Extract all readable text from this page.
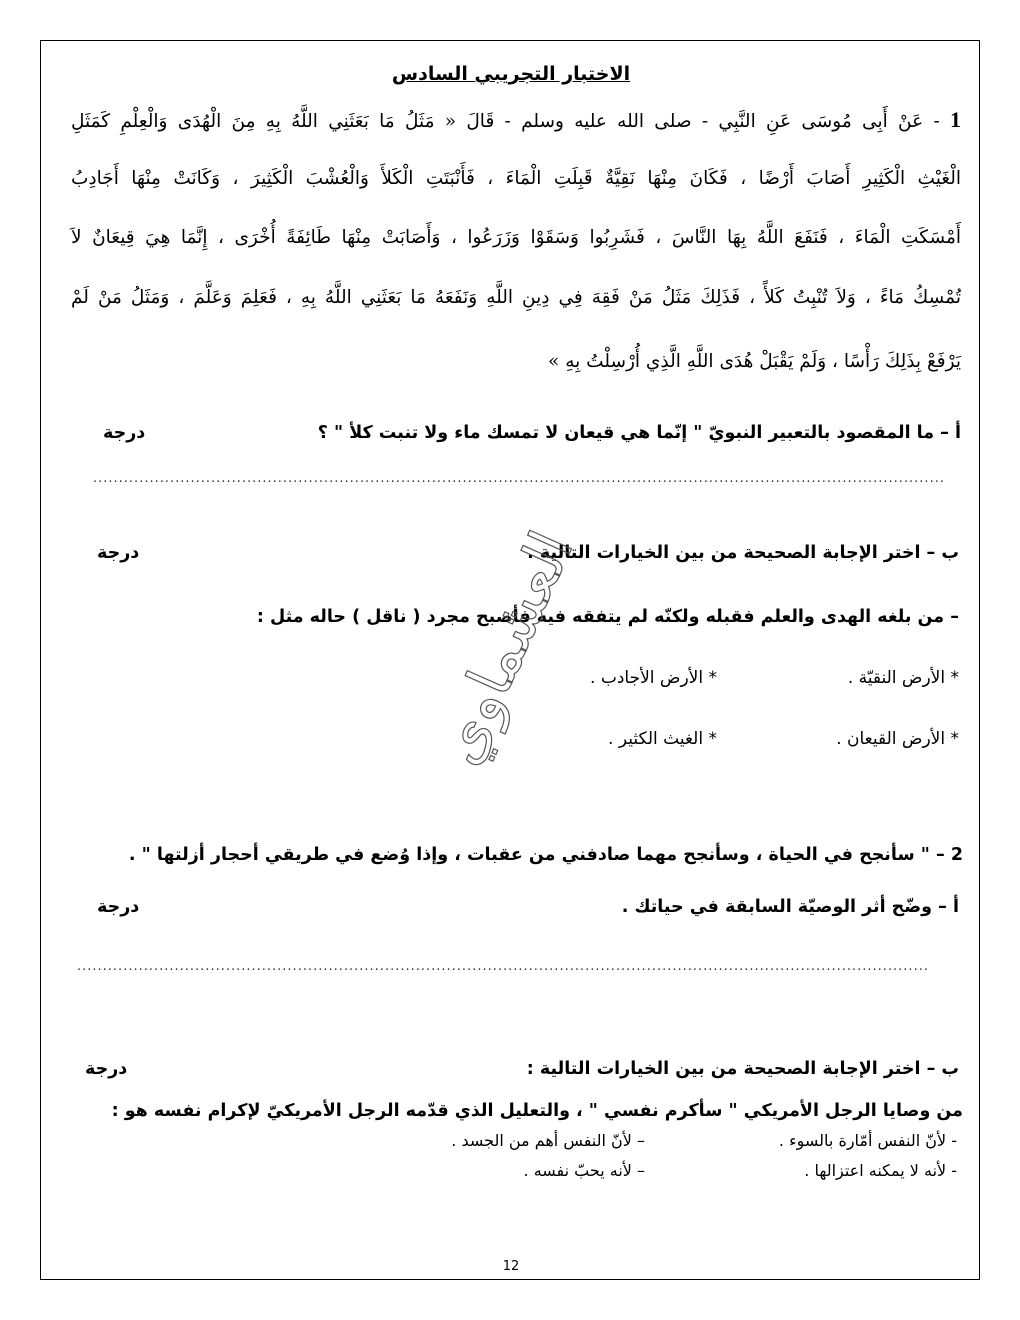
الاختبار التجريبي السادس
1 - عَنْ أَبِى مُوسَى عَنِ النَّبِي - صلى الله عليه وسلم - قَالَ « مَثَلُ مَا بَعَثَنِي اللَّهُ بِهِ مِنَ الْهُدَى وَالْعِلْمِ كَمَثَلِ
الْغَيْثِ الْكَثِيرِ أَصَابَ أَرْضًا ، فَكَانَ مِنْهَا نَقِيَّةٌ قَبِلَتِ الْمَاءَ ، فَأَنْبَتَتِ الْكَلأَ وَالْعُشْبَ الْكَثِيرَ ، وَكَانَتْ مِنْهَا أَجَادِبُ
أَمْسَكَتِ الْمَاءَ ، فَنَفَعَ اللَّهُ بِهَا النَّاسَ ، فَشَرِبُوا وَسَقَوْا وَزَرَعُوا ، وَأَصَابَتْ مِنْهَا طَائِفَةً أُخْرَى ، إِنَّمَا هِيَ قِيعَانٌ لاَ
تُمْسِكُ مَاءً ، وَلاَ تُنْبِتُ كَلأً ، فَذَلِكَ مَثَلُ مَنْ فَقِهَ فِي دِينِ اللَّهِ وَنَفَعَهُ مَا بَعَثَنِي اللَّهُ بِهِ ، فَعَلِمَ وَعَلَّمَ ، وَمَثَلُ مَنْ لَمْ
يَرْفَعْ بِذَلِكَ رَأْسًا ، وَلَمْ يَقْبَلْ هُدَى اللَّهِ الَّذِي أُرْسِلْتُ بِهِ »
أ – ما المقصود بالتعبير النبويّ " إنّما هي قيعان لا تمسك ماء ولا تنبت كلأ " ؟
درجة
......................................................................................................................................................................
ب – اختر الإجابة الصحيحة من بين الخيارات التالية .
درجة
– من بلغه الهدى والعلم فقبله ولكنّه لم يتفقه فيه فأصبح مجرد ( ناقل ) حاله مثل :
* الأرض النقيّة .
* الأرض الأجادب .
* الأرض القيعان .
* الغيث الكثير .
2 – " سأنجح في الحياة ، وسأنجح مهما صادفني من عقبات ، وإذا وُضع في طريقي أحجار أزلتها " .
أ – وضّح أثر الوصيّة السابقة في حياتك .
درجة
......................................................................................................................................................................
ب – اختر الإجابة الصحيحة من بين الخيارات التالية :
درجة
من وصايا الرجل الأمريكي " سأكرم نفسي " ، والتعليل الذي قدّمه الرجل الأمريكيّ لإكرام نفسه هو :
- لأنّ النفس أمّارة بالسوء .
– لأنّ النفس أهم من الجسد .
- لأنه لا يمكنه اعتزالها .
– لأنه يحبّ نفسه .
12
العشماوي
